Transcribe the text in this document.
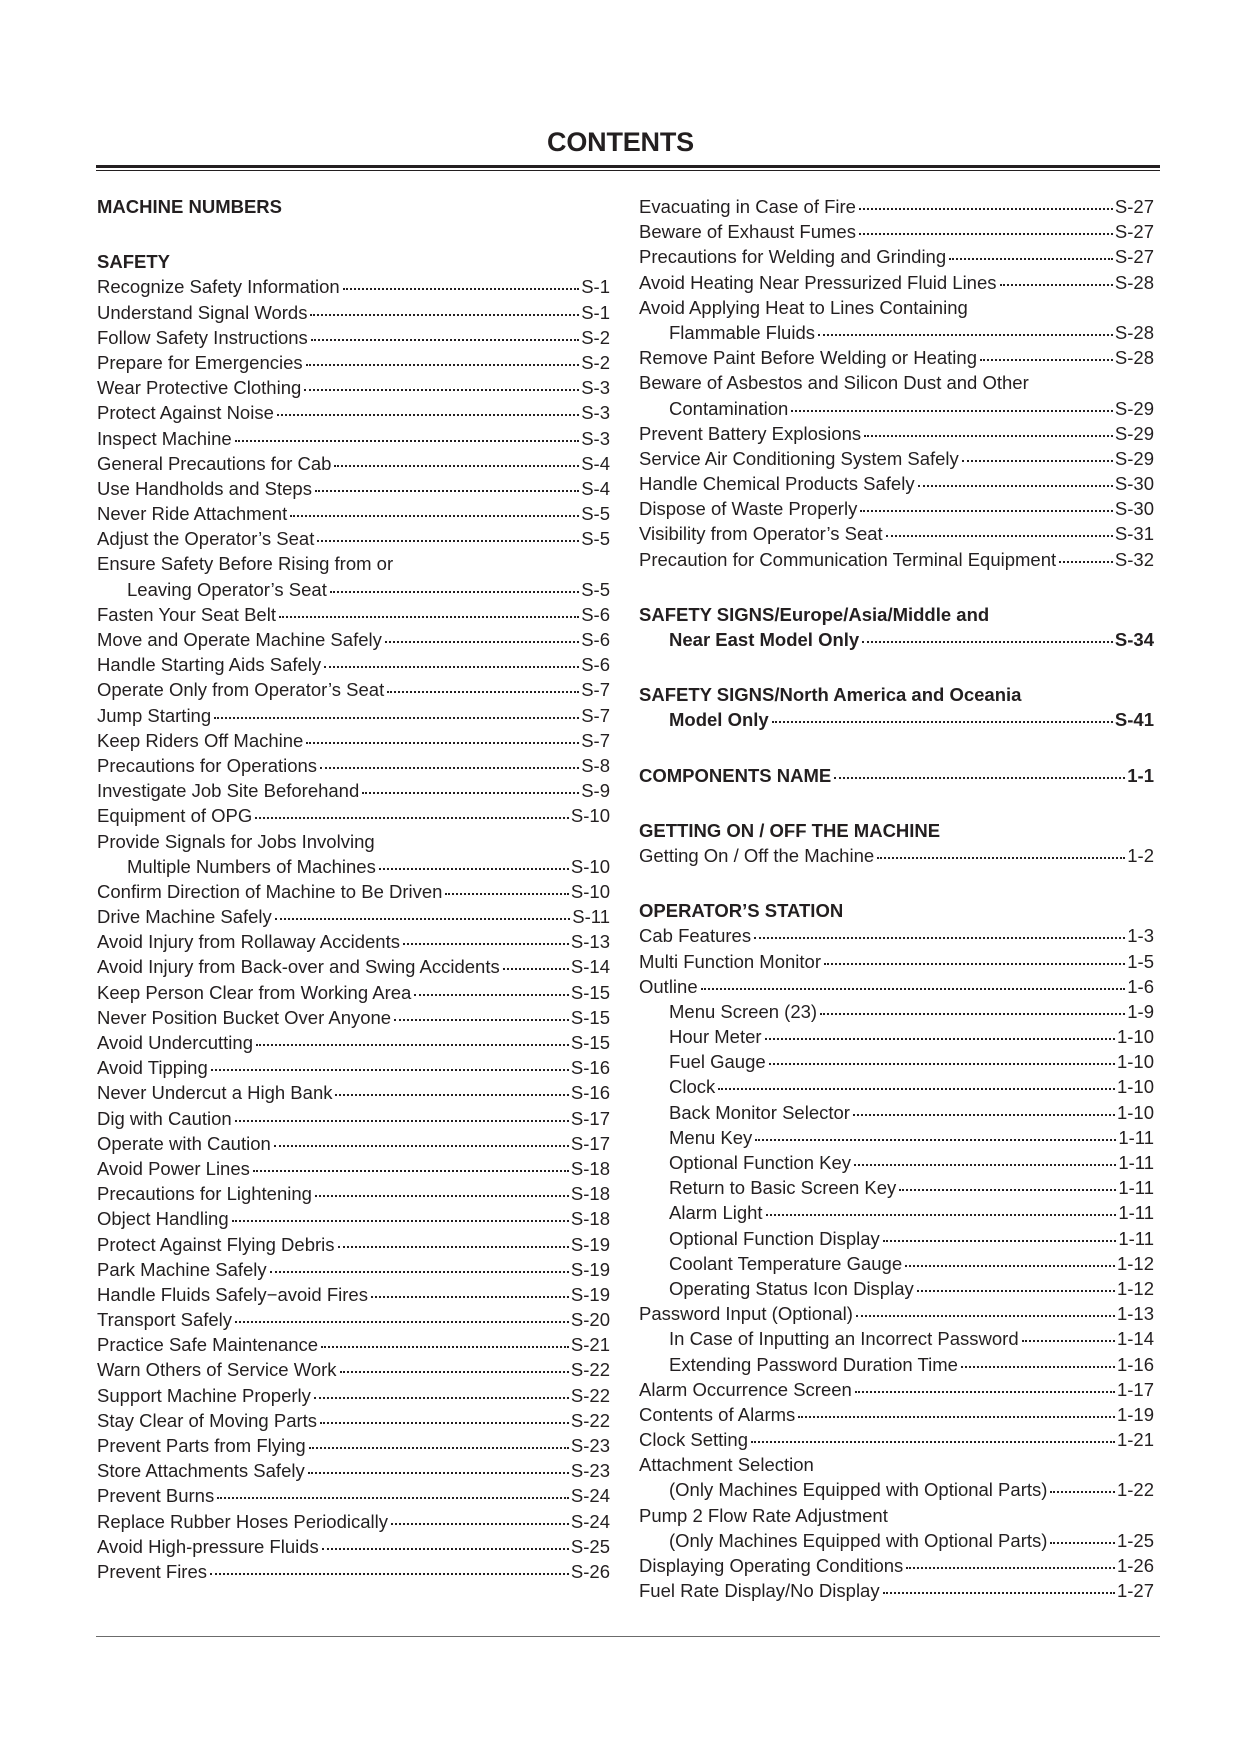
CONTENTS
MACHINE NUMBERS
SAFETY
Recognize Safety Information	S-1
Understand Signal Words	S-1
Follow Safety Instructions	S-2
Prepare for Emergencies	S-2
Wear Protective Clothing	S-3
Protect Against Noise	S-3
Inspect Machine	S-3
General Precautions for Cab	S-4
Use Handholds and Steps	S-4
Never Ride Attachment	S-5
Adjust the Operator’s Seat	S-5
Ensure Safety Before Rising from or
Leaving Operator’s Seat	S-5
Fasten Your Seat Belt	S-6
Move and Operate Machine Safely	S-6
Handle Starting Aids Safely	S-6
Operate Only from Operator’s Seat	S-7
Jump Starting	S-7
Keep Riders Off Machine	S-7
Precautions for Operations	S-8
Investigate Job Site Beforehand	S-9
Equipment of OPG	S-10
Provide Signals for Jobs Involving
Multiple Numbers of Machines	S-10
Confirm Direction of Machine to Be Driven	S-10
Drive Machine Safely	S-11
Avoid Injury from Rollaway Accidents	S-13
Avoid Injury from Back-over and Swing Accidents	S-14
Keep Person Clear from Working Area	S-15
Never Position Bucket Over Anyone	S-15
Avoid Undercutting	S-15
Avoid Tipping	S-16
Never Undercut a High Bank	S-16
Dig with Caution	S-17
Operate with Caution	S-17
Avoid Power Lines	S-18
Precautions for Lightening	S-18
Object Handling	S-18
Protect Against Flying Debris	S-19
Park Machine Safely	S-19
Handle Fluids Safely−avoid Fires	S-19
Transport Safely	S-20
Practice Safe Maintenance	S-21
Warn Others of Service Work	S-22
Support Machine Properly	S-22
Stay Clear of Moving Parts	S-22
Prevent Parts from Flying	S-23
Store Attachments Safely	S-23
Prevent Burns	S-24
Replace Rubber Hoses Periodically	S-24
Avoid High-pressure Fluids	S-25
Prevent Fires	S-26
Evacuating in Case of Fire	S-27
Beware of Exhaust Fumes	S-27
Precautions for Welding and Grinding	S-27
Avoid Heating Near Pressurized Fluid Lines	S-28
Avoid Applying Heat to Lines Containing
Flammable Fluids	S-28
Remove Paint Before Welding or Heating	S-28
Beware of Asbestos and Silicon Dust and Other
Contamination	S-29
Prevent Battery Explosions	S-29
Service Air Conditioning System Safely	S-29
Handle Chemical Products Safely	S-30
Dispose of Waste Properly	S-30
Visibility from Operator’s Seat	S-31
Precaution for Communication Terminal Equipment	S-32
SAFETY SIGNS/Europe/Asia/Middle and
Near East Model Only	S-34
SAFETY SIGNS/North America and Oceania
Model Only	S-41
COMPONENTS NAME	1-1
GETTING ON / OFF THE MACHINE
Getting On / Off the Machine	1-2
OPERATOR’S STATION
Cab Features	1-3
Multi Function Monitor	1-5
Outline	1-6
Menu Screen (23)	1-9
Hour Meter	1-10
Fuel Gauge	1-10
Clock	1-10
Back Monitor Selector	1-10
Menu Key	1-11
Optional Function Key	1-11
Return to Basic Screen Key	1-11
Alarm Light	1-11
Optional Function Display	1-11
Coolant Temperature Gauge	1-12
Operating Status Icon Display	1-12
Password Input (Optional)	1-13
In Case of Inputting an Incorrect Password	1-14
Extending Password Duration Time	1-16
Alarm Occurrence Screen	1-17
Contents of Alarms	1-19
Clock Setting	1-21
Attachment Selection
(Only Machines Equipped with Optional Parts)	1-22
Pump 2 Flow Rate Adjustment
(Only Machines Equipped with Optional Parts)	1-25
Displaying Operating Conditions	1-26
Fuel Rate Display/No Display	1-27
